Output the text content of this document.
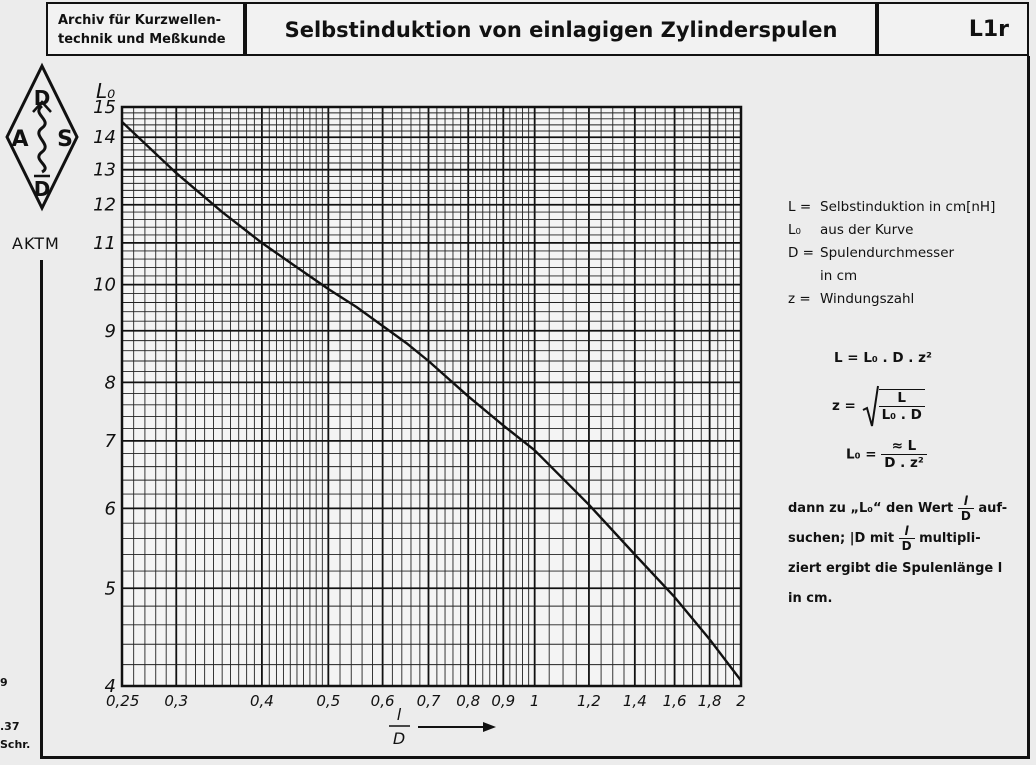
Archiv für Kurzwellen-
technik und Meßkunde	Selbstinduktion von einlagigen Zylinderspulen	L1r
D
A S
D
AKTM
9
.37
Schr.
4
5
6
7
8
9
10
11
12
13
14
15
0,25 0,3	0,4	0,5 0,6 0,7 0,8 0,9 1	1,2 1,4 1,6 1,8 2
L₀
l
D
L = Selbstinduktion in cm[nH]
L₀	aus der Kurve
D = Spulendurchmesser
in cm
z = Windungszahl
L = L₀ . D . z²
$z = \frac{L}{\text{L₀ . D}}$
$L_0 = \frac{\approx L}{\text{D . z²}}$
dann zu „L₀“ den Wert $\frac{l}{D} auf-$
suchen; |D mit $\frac{l}{D}$ multipli-
ziert ergibt die Spulenlänge l
in cm.
